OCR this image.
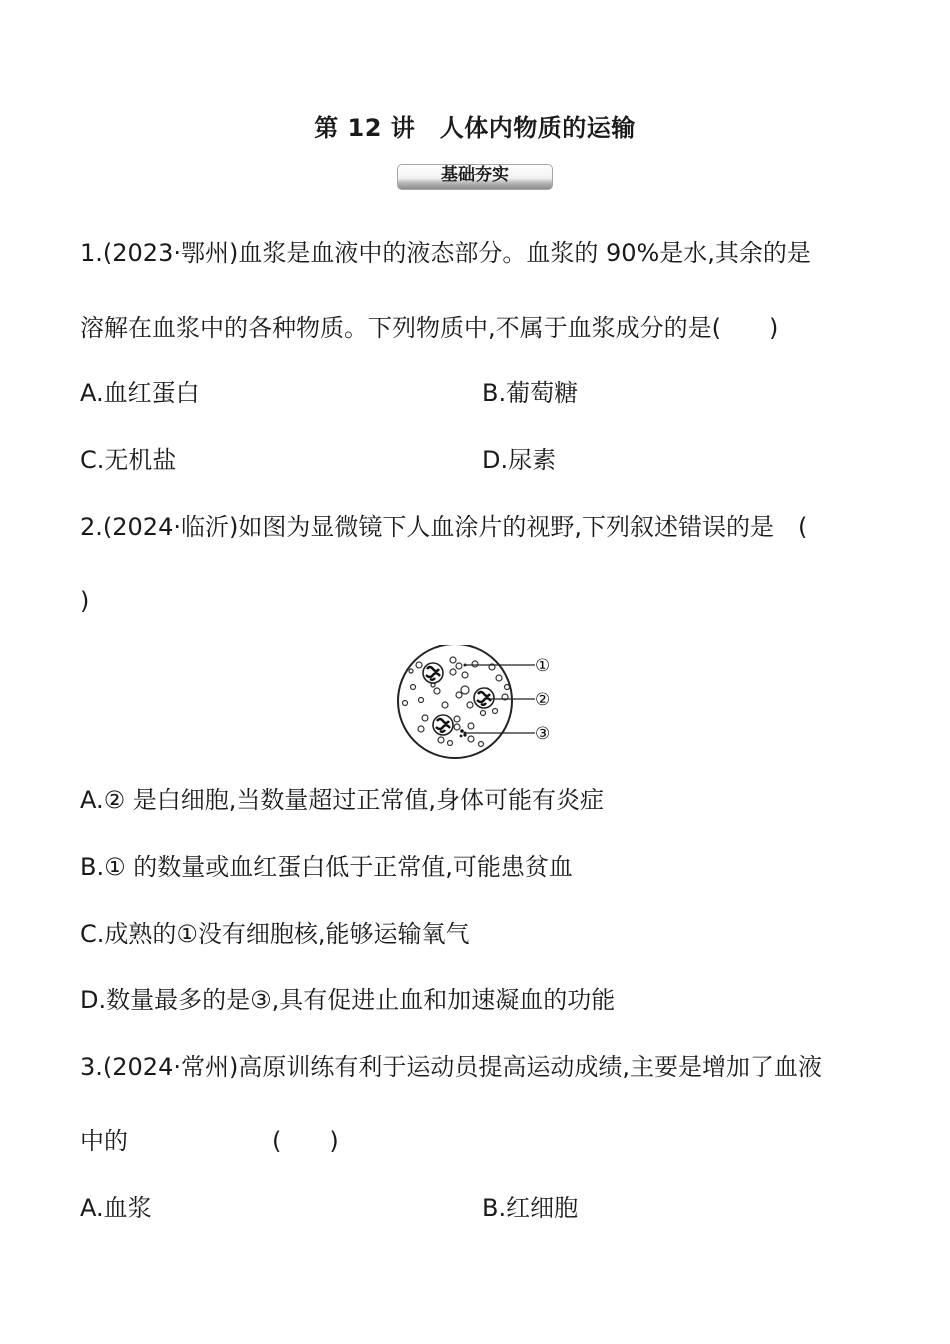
第 12 讲　人体内物质的运输
基础夯实
1.(2023·鄂州)血浆是血液中的液态部分。血浆的 90%是水,其余的是
溶解在血浆中的各种物质。下列物质中,不属于血浆成分的是(　　)
A.血红蛋白	B.葡萄糖
C.无机盐	D.尿素
2.(2024·临沂)如图为显微镜下人血涂片的视野,下列叙述错误的是　(
)
①
②
③
A.② 是白细胞,当数量超过正常值,身体可能有炎症
B.① 的数量或血红蛋白低于正常值,可能患贫血
C.成熟的①没有细胞核,能够运输氧气
D.数量最多的是③,具有促进止血和加速凝血的功能
3.(2024·常州)高原训练有利于运动员提高运动成绩,主要是增加了血液
中的　　　　　　(　　)
A.血浆	B.红细胞
